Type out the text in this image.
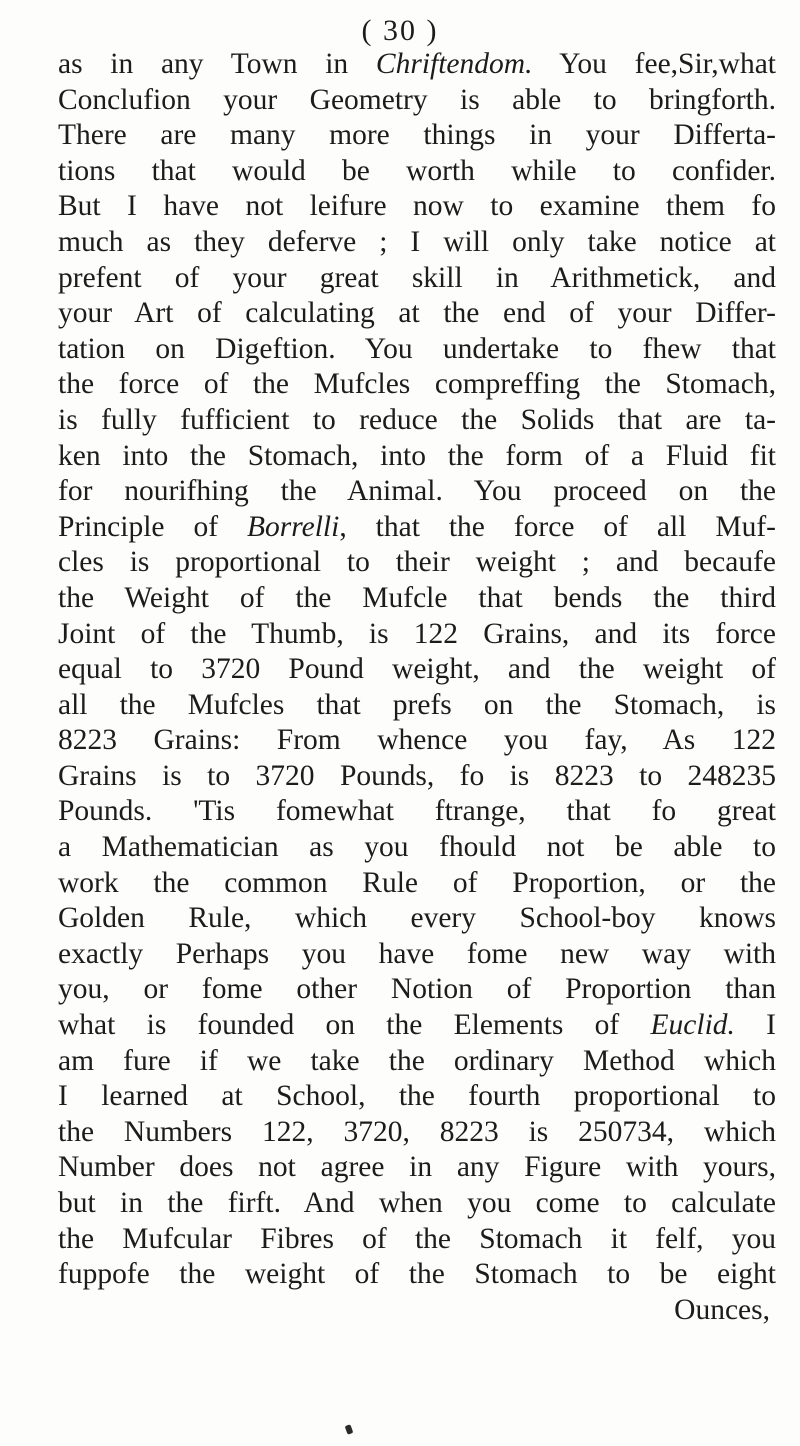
( 30 )
as in any Town in Chriftendom. You fee,Sir,what
Conclufion your Geometry is able to bringforth.
There are many more things in your Differta-
tions that would be worth while to confider.
But I have not leifure now to examine them fo
much as they deferve ; I will only take notice at
prefent of your great skill in Arithmetick, and
your Art of calculating at the end of your Differ-
tation on Digeftion. You undertake to fhew that
the force of the Mufcles compreffing the Stomach,
is fully fufficient to reduce the Solids that are ta-
ken into the Stomach, into the form of a Fluid fit
for nourifhing the Animal. You proceed on the
Principle of Borrelli, that the force of all Muf-
cles is proportional to their weight ; and becaufe
the Weight of the Mufcle that bends the third
Joint of the Thumb, is 122 Grains, and its force
equal to 3720 Pound weight, and the weight of
all the Mufcles that prefs on the Stomach, is
8223 Grains: From whence you fay, As 122
Grains is to 3720 Pounds, fo is 8223 to 248235
Pounds. 'Tis fomewhat ftrange, that fo great
a Mathematician as you fhould not be able to
work the common Rule of Proportion, or the
Golden Rule, which every School-boy knows
exactly Perhaps you have fome new way with
you, or fome other Notion of Proportion than
what is founded on the Elements of Euclid. I
am fure if we take the ordinary Method which
I learned at School, the fourth proportional to
the Numbers 122, 3720, 8223 is 250734, which
Number does not agree in any Figure with yours,
but in the firft. And when you come to calculate
the Mufcular Fibres of the Stomach it felf, you
fuppofe the weight of the Stomach to be eight
Ounces,
